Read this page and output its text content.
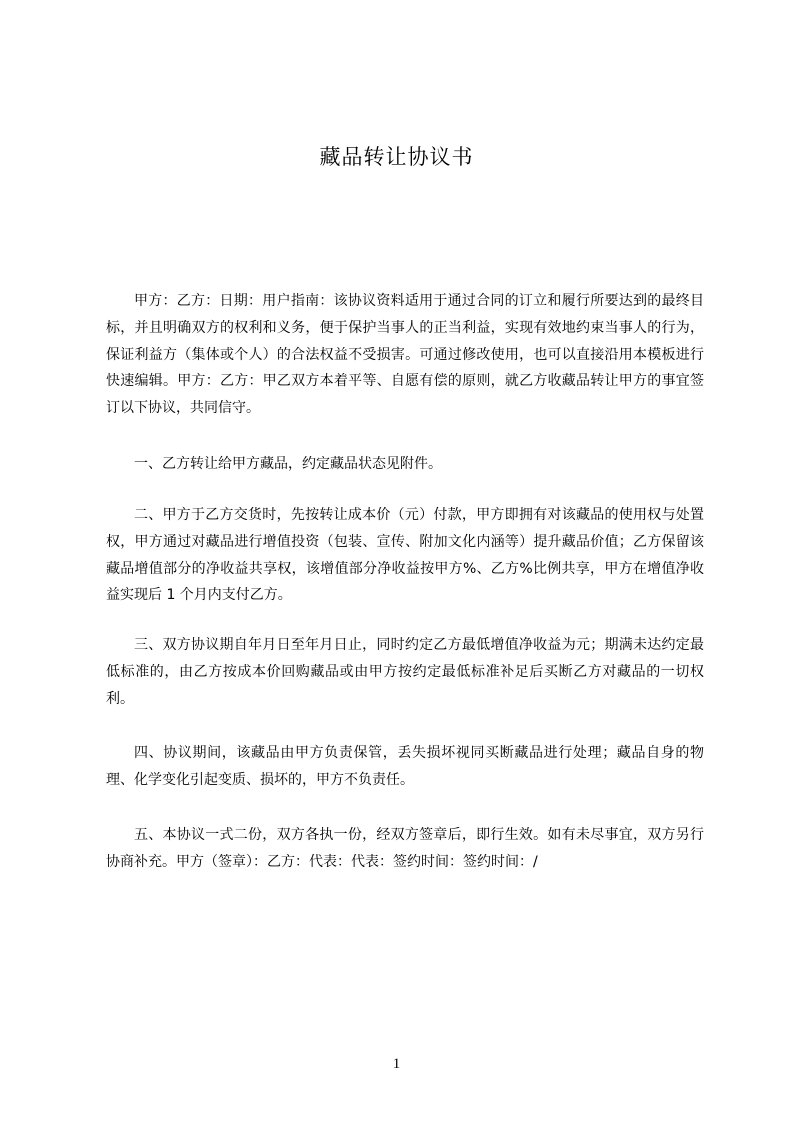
藏品转让协议书

甲方：乙方：日期：用户指南：该协议资料适用于通过合同的订立和履行所要达到的最终目标，并且明确双方的权利和义务，便于保护当事人的正当利益，实现有效地约束当事人的行为，保证利益方（集体或个人）的合法权益不受损害。可通过修改使用，也可以直接沿用本模板进行快速编辑。甲方：乙方：甲乙双方本着平等、自愿有偿的原则，就乙方收藏品转让甲方的事宜签订以下协议，共同信守。

一、乙方转让给甲方藏品，约定藏品状态见附件。

二、甲方于乙方交货时，先按转让成本价（元）付款，甲方即拥有对该藏品的使用权与处置权，甲方通过对藏品进行增值投资（包装、宣传、附加文化内涵等）提升藏品价值；乙方保留该藏品增值部分的净收益共享权，该增值部分净收益按甲方%、乙方%比例共享，甲方在增值净收益实现后 1 个月内支付乙方。

三、双方协议期自年月日至年月日止，同时约定乙方最低增值净收益为元；期满未达约定最低标准的，由乙方按成本价回购藏品或由甲方按约定最低标准补足后买断乙方对藏品的一切权利。

四、协议期间，该藏品由甲方负责保管，丢失损坏视同买断藏品进行处理；藏品自身的物理、化学变化引起变质、损坏的，甲方不负责任。

五、本协议一式二份，双方各执一份，经双方签章后，即行生效。如有未尽事宜，双方另行协商补充。甲方（签章）：乙方：代表：代表：签约时间：签约时间：/

1
